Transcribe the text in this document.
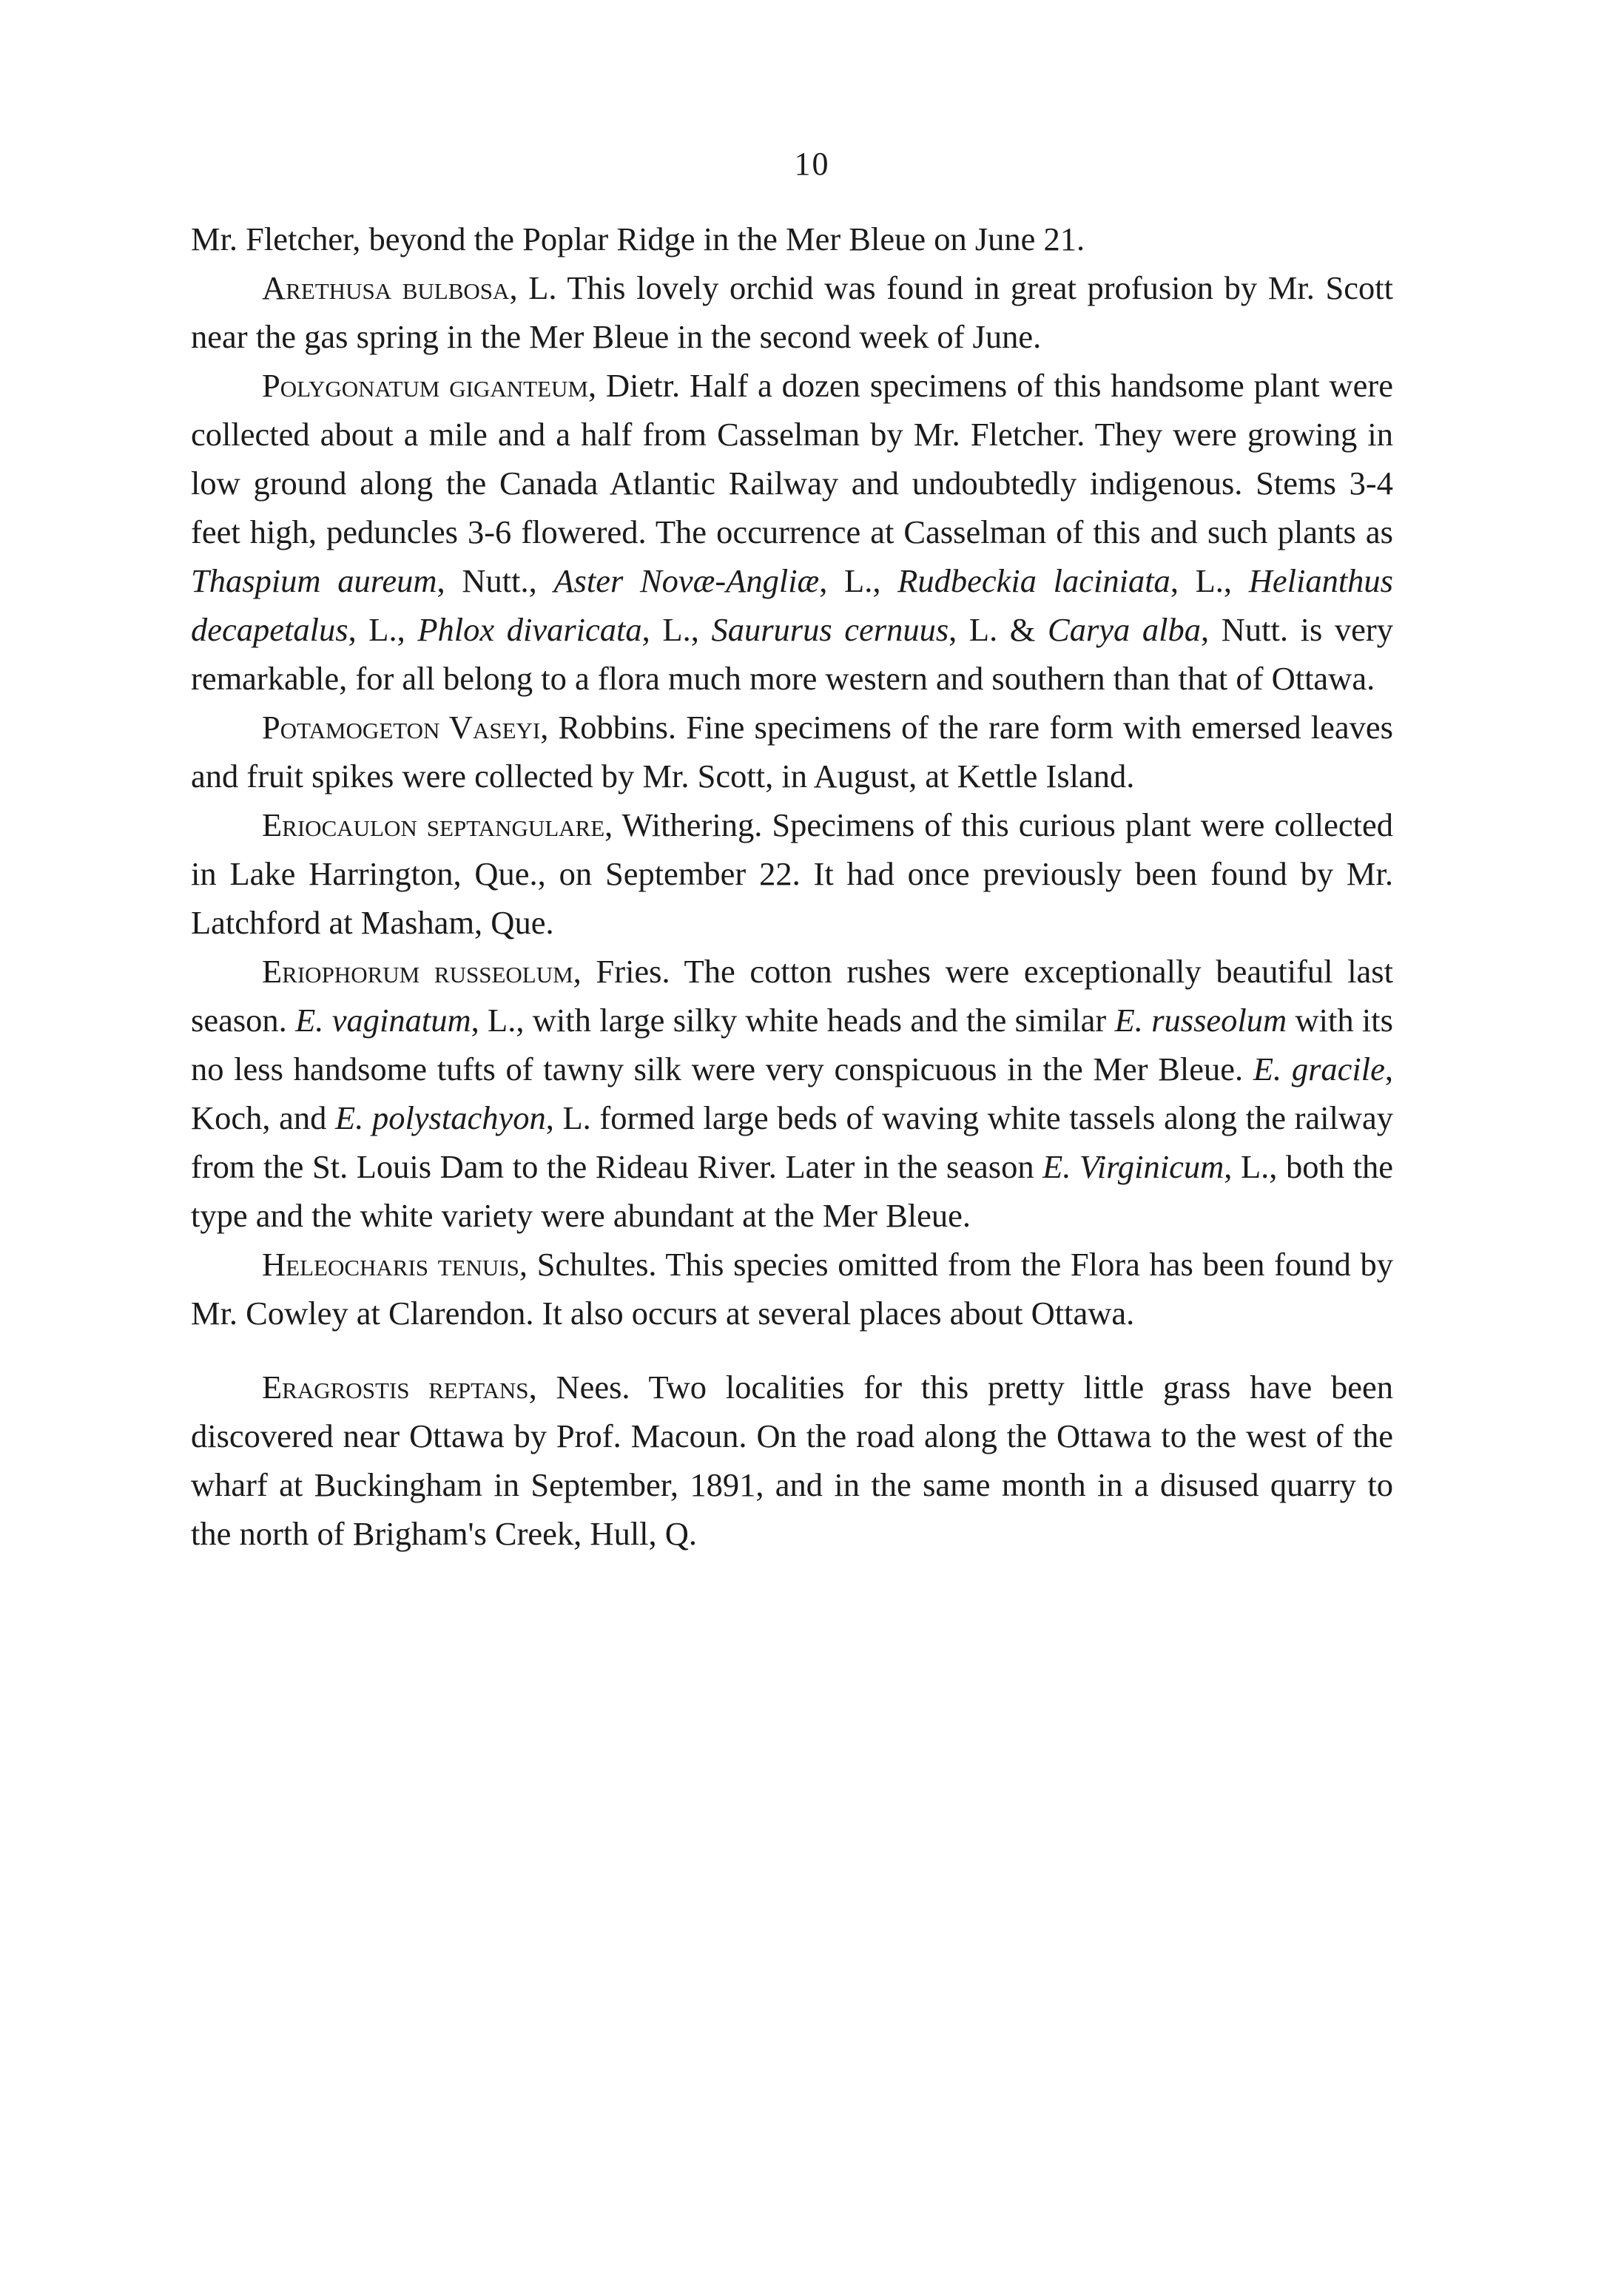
10

Mr. Fletcher, beyond the Poplar Ridge in the Mer Bleue on June 21.

Arethusa bulbosa, L. This lovely orchid was found in great profusion by Mr. Scott near the gas spring in the Mer Bleue in the second week of June.

Polygonatum giganteum, Dietr. Half a dozen specimens of this handsome plant were collected about a mile and a half from Casselman by Mr. Fletcher. They were growing in low ground along the Canada Atlantic Railway and undoubtedly indigenous. Stems 3-4 feet high, peduncles 3-6 flowered. The occurrence at Casselman of this and such plants as Thaspium aureum, Nutt., Aster Novæ-Angliæ, L., Rudbeckia laciniata, L., Helianthus decapetalus, L., Phlox divaricata, L., Saururus cernuus, L. & Carya alba, Nutt. is very remarkable, for all belong to a flora much more western and southern than that of Ottawa.

Potamogeton Vaseyi, Robbins. Fine specimens of the rare form with emersed leaves and fruit spikes were collected by Mr. Scott, in August, at Kettle Island.

Eriocaulon septangulare, Withering. Specimens of this curious plant were collected in Lake Harrington, Que., on September 22. It had once previously been found by Mr. Latchford at Masham, Que.

Eriophorum russeolum, Fries. The cotton rushes were exceptionally beautiful last season. E. vaginatum, L., with large silky white heads and the similar E. russeolum with its no less handsome tufts of tawny silk were very conspicuous in the Mer Bleue. E. gracile, Koch, and E. polystachyon, L. formed large beds of waving white tassels along the railway from the St. Louis Dam to the Rideau River. Later in the season E. Virginicum, L., both the type and the white variety were abundant at the Mer Bleue.

Heleocharis tenuis, Schultes. This species omitted from the Flora has been found by Mr. Cowley at Clarendon. It also occurs at several places about Ottawa.

Eragrostis reptans, Nees. Two localities for this pretty little grass have been discovered near Ottawa by Prof. Macoun. On the road along the Ottawa to the west of the wharf at Buckingham in September, 1891, and in the same month in a disused quarry to the north of Brigham's Creek, Hull, Q.
